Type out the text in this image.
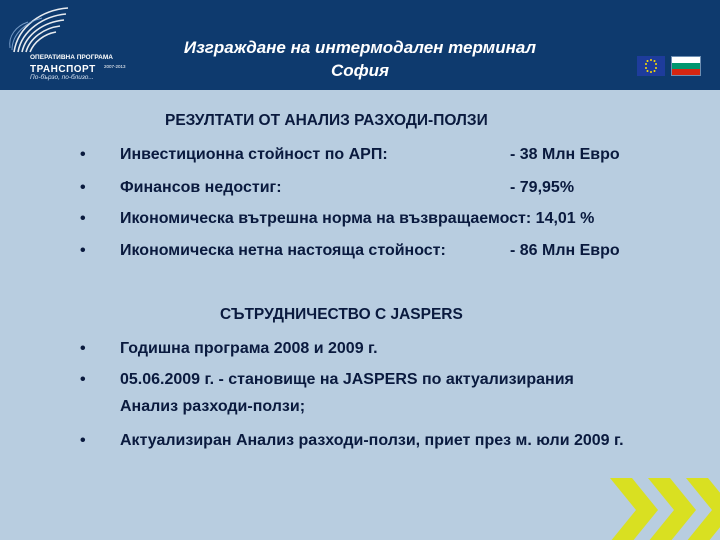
ОПЕРАТИВНА ПРОГРАМА
ТРАНСПОРТ
По-бързо, по-близо...
2007-2013
Изграждане на интермодален терминал
София
РЕЗУЛТАТИ ОТ АНАЛИЗ РАЗХОДИ-ПОЛЗИ
• Инвестиционна стойност по АРП:	- 38 Млн Евро
• Финансов недостиг:	- 79,95%
• Икономическа вътрешна норма на възвращаемост: 14,01 %
• Икономическа нетна настояща стойност:	- 86 Млн Евро
СЪТРУДНИЧЕСТВО С JASPERS
• Годишна програма 2008 и 2009 г.
• 05.06.2009 г. - становище на JASPERS по актуализирания
Анализ разходи-ползи;
• Актуализиран Анализ разходи-ползи, приет през м. юли 2009 г.
